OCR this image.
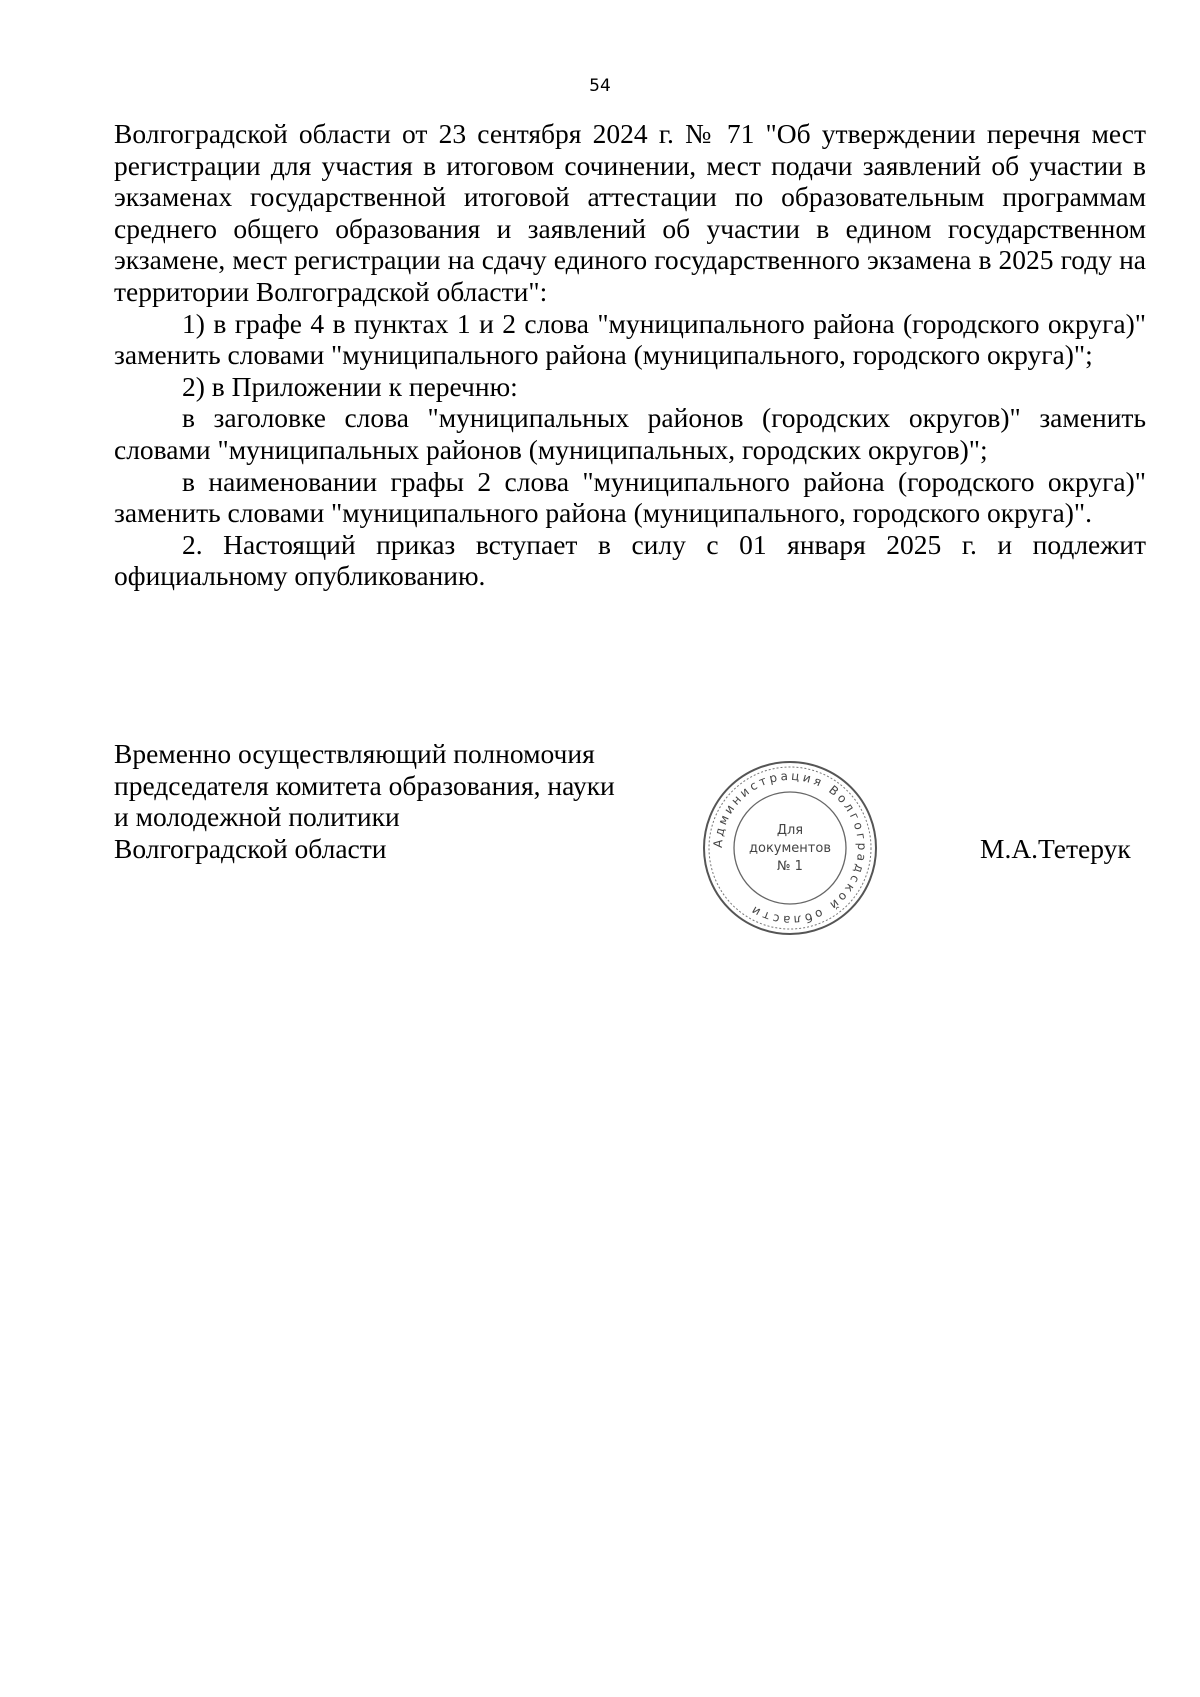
54

Волгоградской области от 23 сентября 2024 г. № 71 "Об утверждении перечня мест регистрации для участия в итоговом сочинении, мест подачи заявлений об участии в экзаменах государственной итоговой аттестации по образовательным программам среднего общего образования и заявлений об участии в едином государственном экзамене, мест регистрации на сдачу единого государственного экзамена в 2025 году на территории Волгоградской области":

1) в графе 4 в пунктах 1 и 2 слова "муниципального района (городского округа)" заменить словами "муниципального района (муниципального, городского округа)";

2) в Приложении к перечню:

в заголовке слова "муниципальных районов (городских округов)" заменить словами "муниципальных районов (муниципальных, городских округов)";

в наименовании графы 2 слова "муниципального района (городского округа)" заменить словами "муниципального района (муниципального, городского округа)".

2. Настоящий приказ вступает в силу с 01 января 2025 г. и подлежит официальному опубликованию.

Временно осуществляющий полномочия
председателя комитета образования, науки
и молодежной политики
Волгоградской области	Администрация Волгоградской области
Для
документов
№ 1
М.А.Тетерук
